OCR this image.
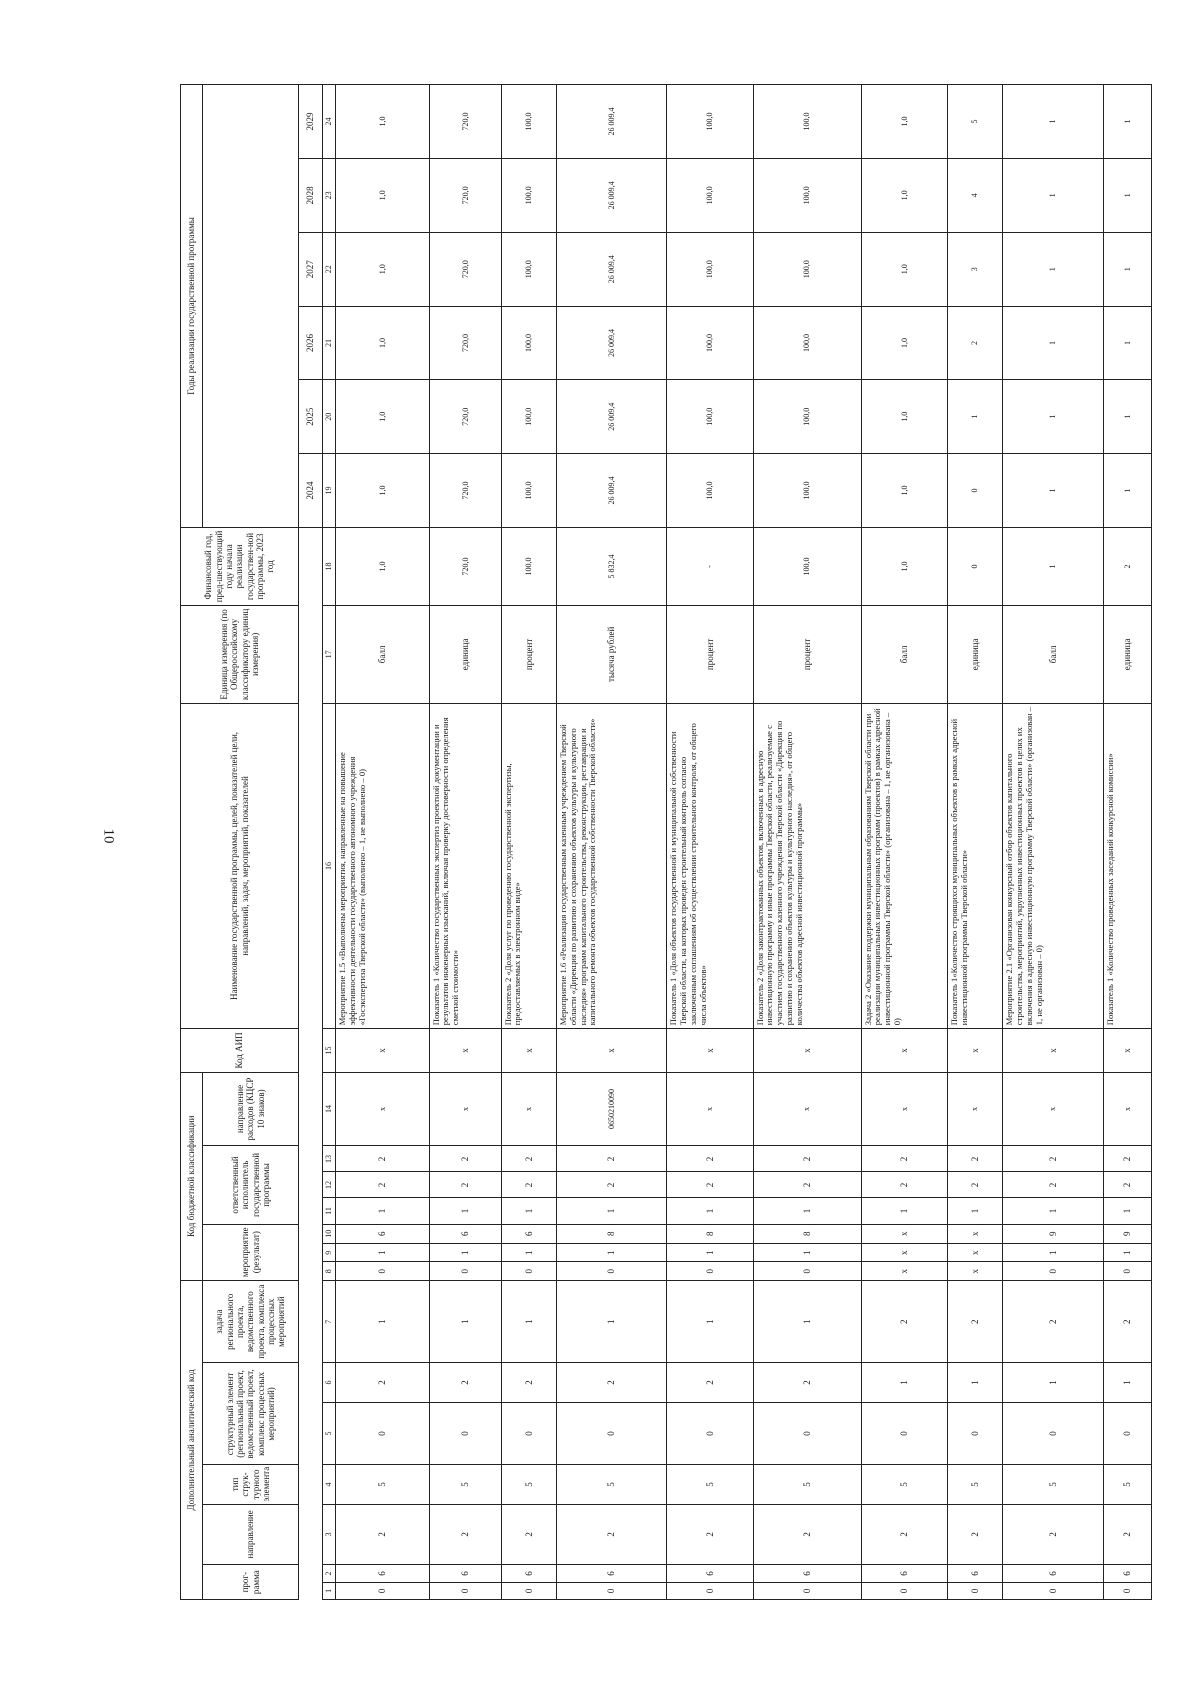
10
Дополнительный аналитический код							Код бюджетной классификации							Код АИП	Наименование государственной программы, целей, показателей цели, направлений, задач, мероприятий, показателей	Единица измерения (по Общероссийскому классификатору единиц измерения)	Финансовый год, пред-шествующий году начала реализации государствен-ной программы, 2023 год	Годы реализации государственной программы					
прог-рамма		направление	тип струк-турного элемента	структурный элемент (региональный проект, ведомственный проект, комплекс процессных мероприятий)		задача регионального проекта, ведомственного проекта, комплекса процессных мероприятий	мероприятие (результат)			ответственный исполнитель государственной программы			направление расходов (КЦСР 10 знаков)										

																		2024	2025	2026	2027	2028	2029
1	2	3	4	5	6	7	8	9	10	11	12	13	14	15	16	17	18	19	20	21	22	23	24
0	6	2	5	0	2	1	0	1	6	1	2	2	x	x	Мероприятие 1.5 «Выполнены мероприятия, направленные на повышение эффективности деятельности государственного автономного учреждения «Госэкспертиза Тверской области» (выполнено – 1, не выполнено – 0)	балл	1,0	1,0	1,0	1,0	1,0	1,0	1,0
0	6	2	5	0	2	1	0	1	6	1	2	2	x	x	Показатель 1 «Количество государственных экспертиз проектной документации и результатов инженерных изысканий, включая проверку достоверности определения сметной стоимости»	единица	720,0	720,0	720,0	720,0	720,0	720,0	720,0
0	6	2	5	0	2	1	0	1	6	1	2	2	x	x	Показатель 2 «Доля услуг по проведению государственной экспертизы, предоставляемых в электронном виде»	процент	100,0	100,0	100,0	100,0	100,0	100,0	100,0
0	6	2	5	0	2	1	0	1	8	1	2	2	0650210090	x	Мероприятие 1.6 «Реализация государственным казенным учреждением Тверской области «Дирекция по развитию и сохранению объектов культуры и культурного наследия» программ капитального строительства, реконструкции, реставрации и капитального ремонта объектов государственной собственности Тверской области»	тысяча рублей	5 832,4	26 009,4	26 009,4	26 009,4	26 009,4	26 009,4	26 009,4
0	6	2	5	0	2	1	0	1	8	1	2	2	x	x	Показатель 1 «Доля объектов государственной и муниципальной собственности Тверской области, на которых проведен строительный контроль согласно заключенным соглашениям об осуществлении строительного контроля, от общего числа объектов»	процент	-	100,0	100,0	100,0	100,0	100,0	100,0
0	6	2	5	0	2	1	0	1	8	1	2	2	x	x	Показатель 2 «Доля законтрактованных объектов, включенных в адресную инвестиционную программу и иные программы Тверской области, реализуемые с участием государственного казенного учреждения Тверской области «Дирекция по развитию и сохранению объектов культуры и культурного наследия», от общего количества объектов адресной инвестиционной программы»	процент	100,0	100,0	100,0	100,0	100,0	100,0	100,0
0	6	2	5	0	1	2	x	x	x	1	2	2	x	x	Задача 2 «Оказание поддержки муниципальным образованиям Тверской области при реализации муниципальных инвестиционных программ (проектов) в рамках адресной инвестиционной программы Тверской области» (организована – 1, не организована – 0)	балл	1,0	1,0	1,0	1,0	1,0	1,0	1,0
0	6	2	5	0	1	2	x	x	x	1	2	2	x	x	Показатель 1«Количество строящихся муниципальных объектов в рамках адресной инвестиционной программы Тверской области»	единица	0	0	1	2	3	4	5
0	6	2	5	0	1	2	0	1	9	1	2	2	x	x	Мероприятие 2.1 «Организован конкурсный отбор объектов капитального строительства, мероприятий, укрупненных инвестиционных проектов в целях их включения в адресную инвестиционную программу Тверской области» (организован – 1, не организован – 0)	балл	1	1	1	1	1	1	1
0	6	2	5	0	1	2	0	1	9	1	2	2	x	x	Показатель 1 «Количество проведенных заседаний конкурсной комиссии»	единица	2	1	1	1	1	1	1
